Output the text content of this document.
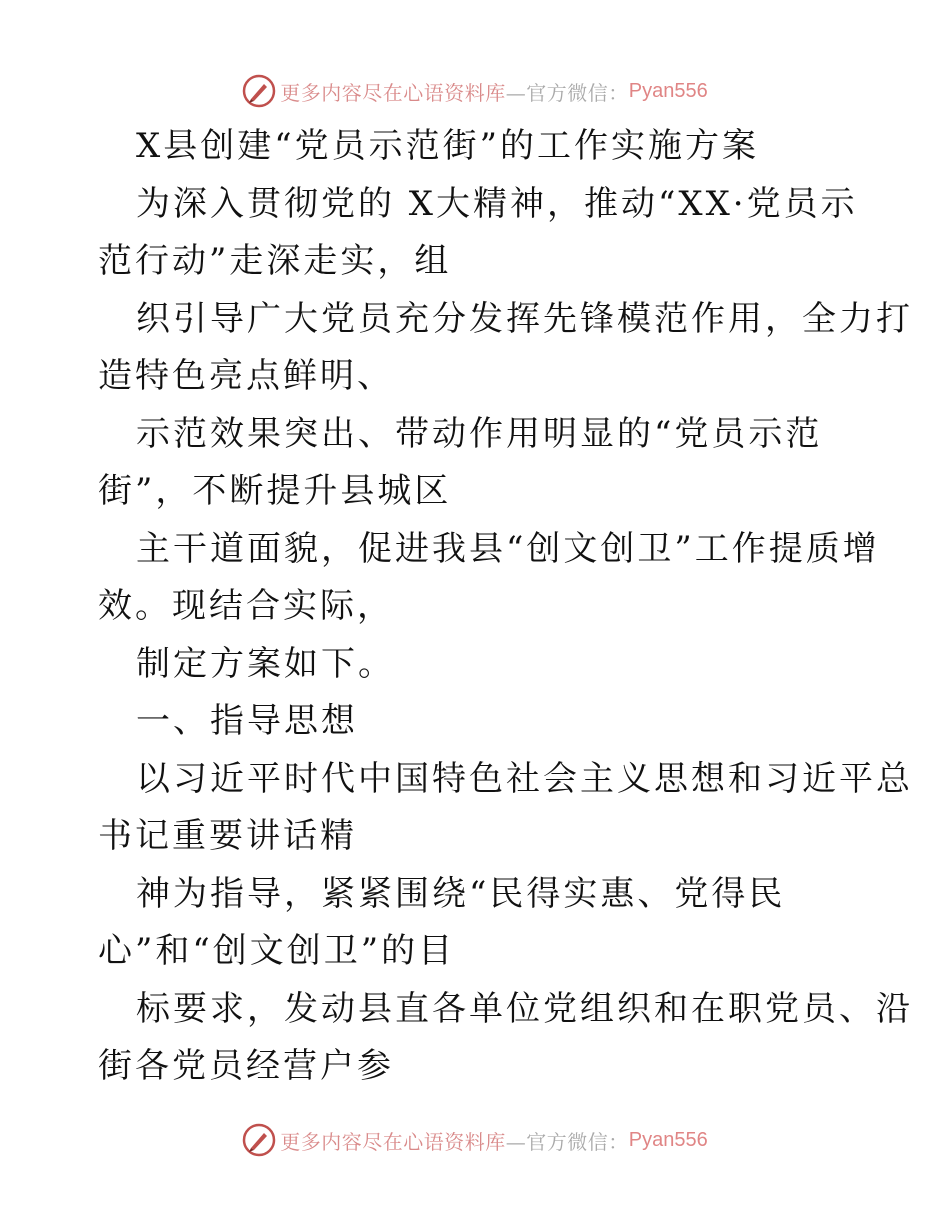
更多内容尽在心语资料库 —官方微信： Pyan556
X县创建“党员示范街”的工作实施方案
为深入贯彻党的 X大精神，推动“XX·党员示
范行动”走深走实，组
织引导广大党员充分发挥先锋模范作用，全力打
造特色亮点鲜明、
示范效果突出、带动作用明显的“党员示范
街”，不断提升县城区
主干道面貌，促进我县“创文创卫”工作提质增
效。现结合实际，
制定方案如下。
一、指导思想
以习近平时代中国特色社会主义思想和习近平总
书记重要讲话精
神为指导，紧紧围绕“民得实惠、党得民
心”和“创文创卫”的目
标要求，发动县直各单位党组织和在职党员、沿
街各党员经营户参
更多内容尽在心语资料库 —官方微信： Pyan556
